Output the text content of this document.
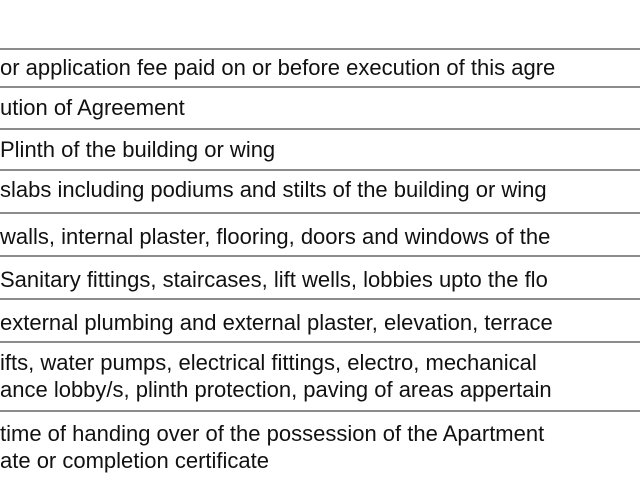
or application fee paid on or before execution of this agre
ution of Agreement
Plinth of the building or wing
slabs including podiums and stilts of the building or wing
walls, internal plaster, flooring, doors and windows of the
Sanitary fittings, staircases, lift wells, lobbies upto the flo
external plumbing and external plaster, elevation, terrace
ifts, water pumps, electrical fittings, electro, mechanical
ance lobby/s, plinth protection, paving of areas appertain
time of handing over of the possession of the Apartment
ate or completion certificate
